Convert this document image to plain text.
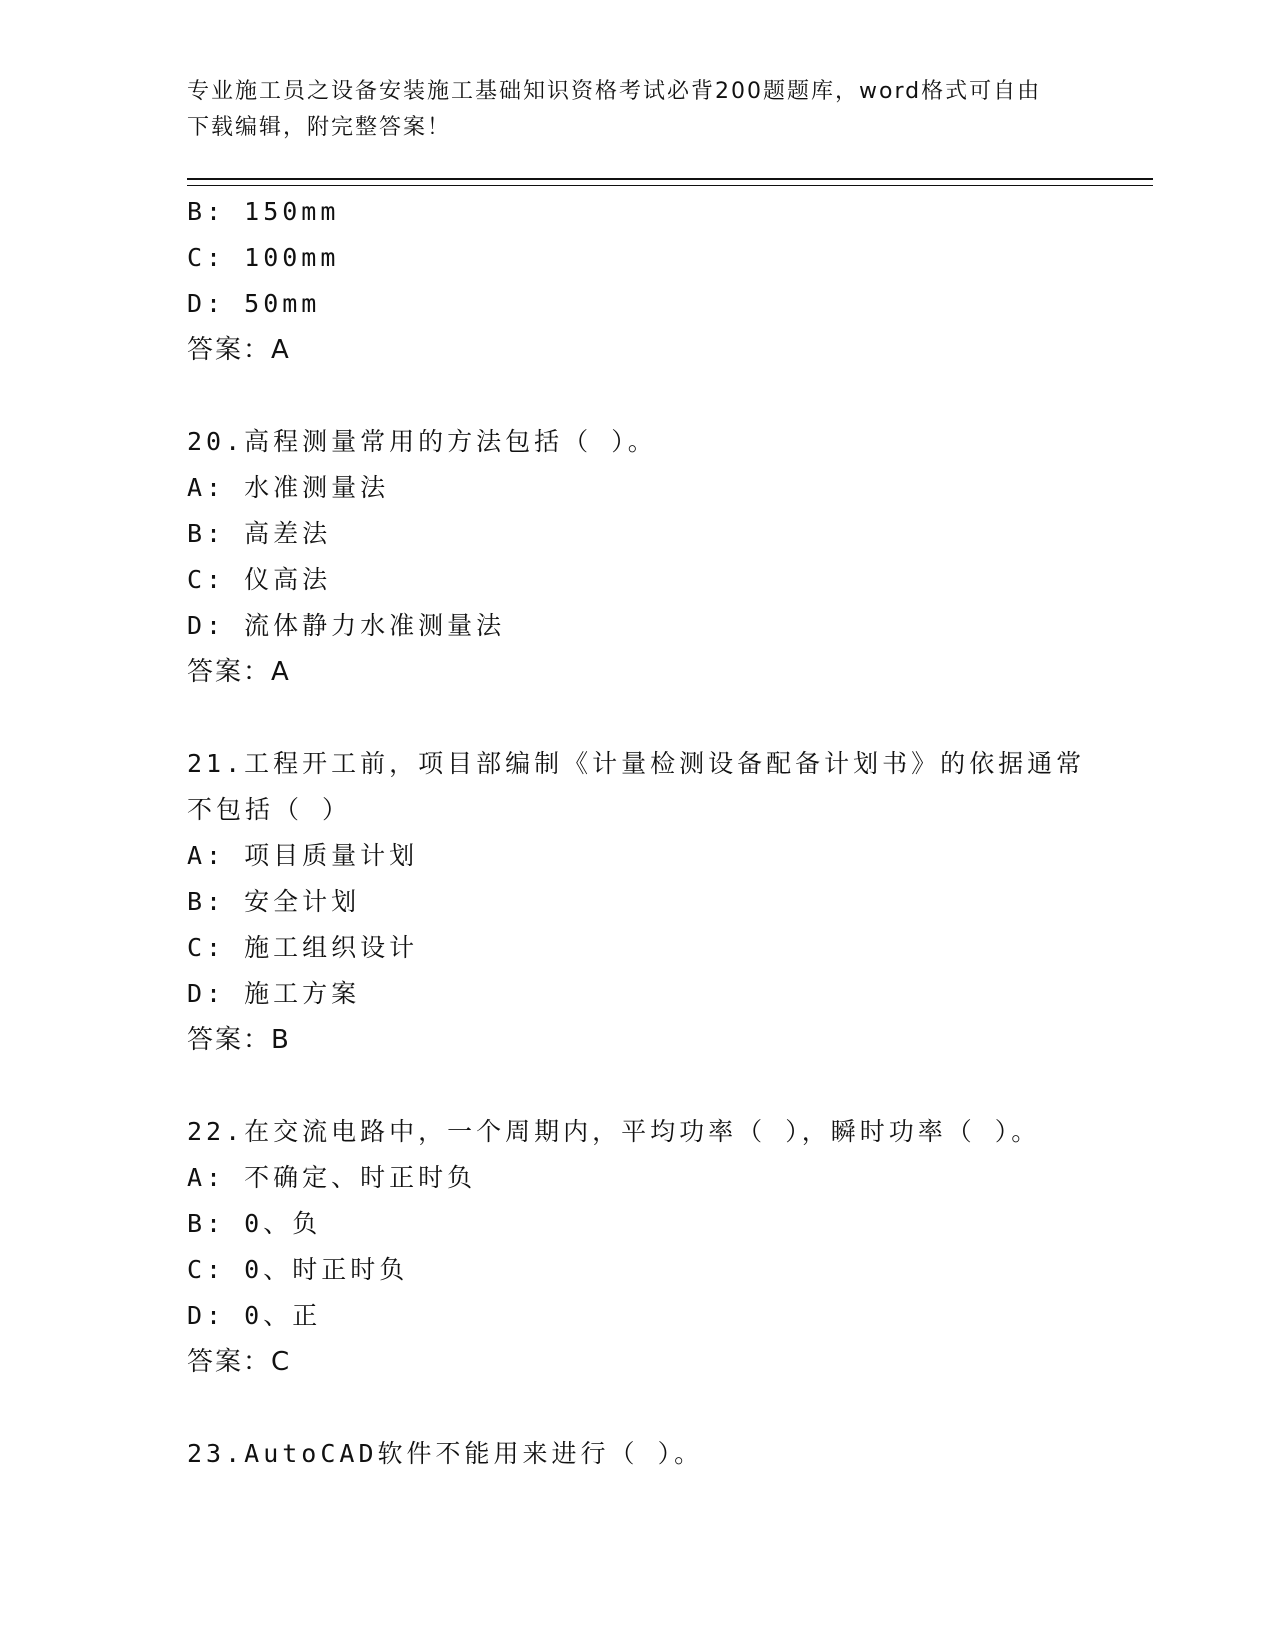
专业施工员之设备安装施工基础知识资格考试必背200题题库，word格式可自由
下载编辑，附完整答案！
B: 150mm
C: 100mm
D: 50mm
答案：A
20.高程测量常用的方法包括（ ）。
A: 水准测量法
B: 高差法
C: 仪高法
D: 流体静力水准测量法
答案：A
21.工程开工前，项目部编制《计量检测设备配备计划书》的依据通常
不包括（ ）
A: 项目质量计划
B: 安全计划
C: 施工组织设计
D: 施工方案
答案：B
22.在交流电路中，一个周期内，平均功率（ ），瞬时功率（ ）。
A: 不确定、时正时负
B: 0、负
C: 0、时正时负
D: 0、正
答案：C
23.AutoCAD软件不能用来进行（ ）。
